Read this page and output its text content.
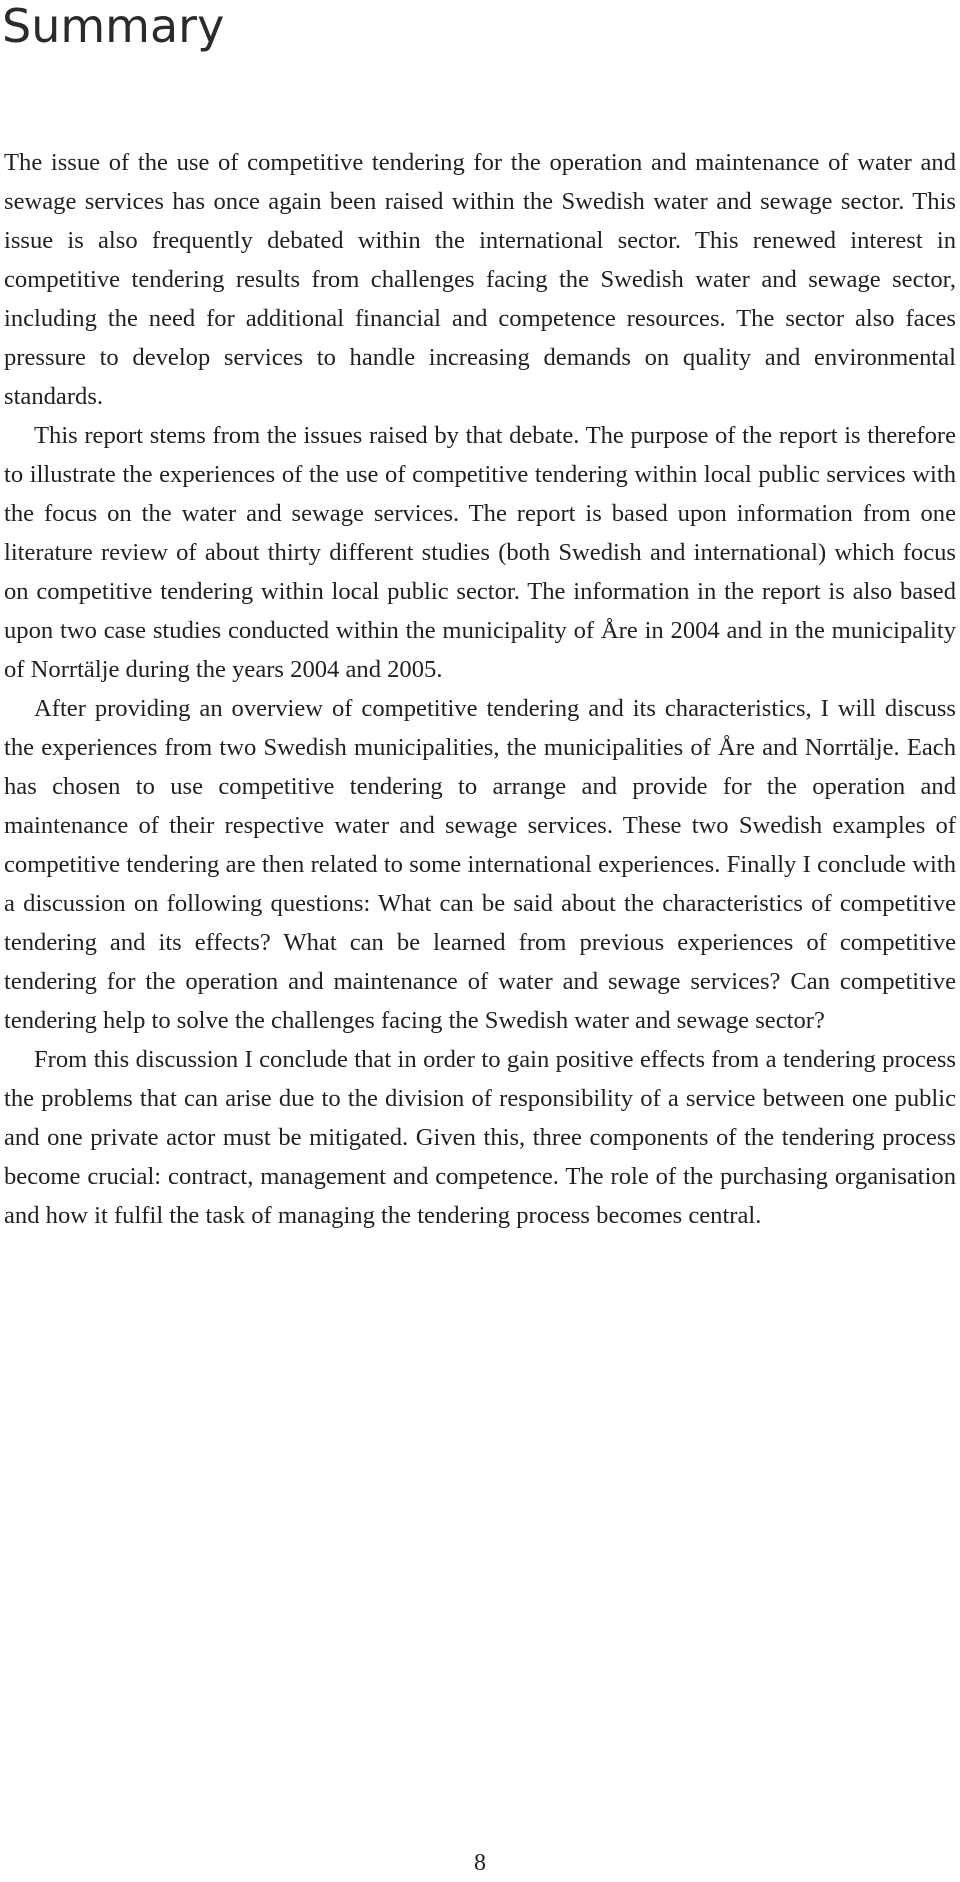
Summary

The issue of the use of competitive tendering for the operation and maintenance of water and sewage services has once again been raised within the Swedish water and sewage sector. This issue is also frequently debated within the international sector. This renewed interest in competitive tendering results from challenges facing the Swedish water and sewage sector, including the need for additional financial and competence resources. The sector also faces pressure to develop services to handle increasing demands on quality and environmental standards.

This report stems from the issues raised by that debate. The purpose of the report is therefore to illustrate the experiences of the use of competitive tendering within local public services with the focus on the water and sewage services. The report is based upon information from one literature review of about thirty different studies (both Swedish and international) which focus on competitive tendering within local public sector. The information in the report is also based upon two case studies conducted within the municipality of Åre in 2004 and in the municipality of Norrtälje during the years 2004 and 2005.

After providing an overview of competitive tendering and its characteristics, I will discuss the experiences from two Swedish municipalities, the municipalities of Åre and Norrtälje. Each has chosen to use competitive tendering to arrange and provide for the operation and maintenance of their respective water and sewage services. These two Swedish examples of competitive tendering are then related to some international experiences. Finally I conclude with a discussion on following questions: What can be said about the characteristics of competitive tendering and its effects? What can be learned from previous experiences of competitive tendering for the operation and maintenance of water and sewage services? Can competitive tendering help to solve the challenges facing the Swedish water and sewage sector?

From this discussion I conclude that in order to gain positive effects from a tendering process the problems that can arise due to the division of responsibility of a service between one public and one private actor must be mitigated. Given this, three components of the tendering process become crucial: contract, management and competence. The role of the purchasing organisation and how it fulfil the task of managing the tendering process becomes central.

8
